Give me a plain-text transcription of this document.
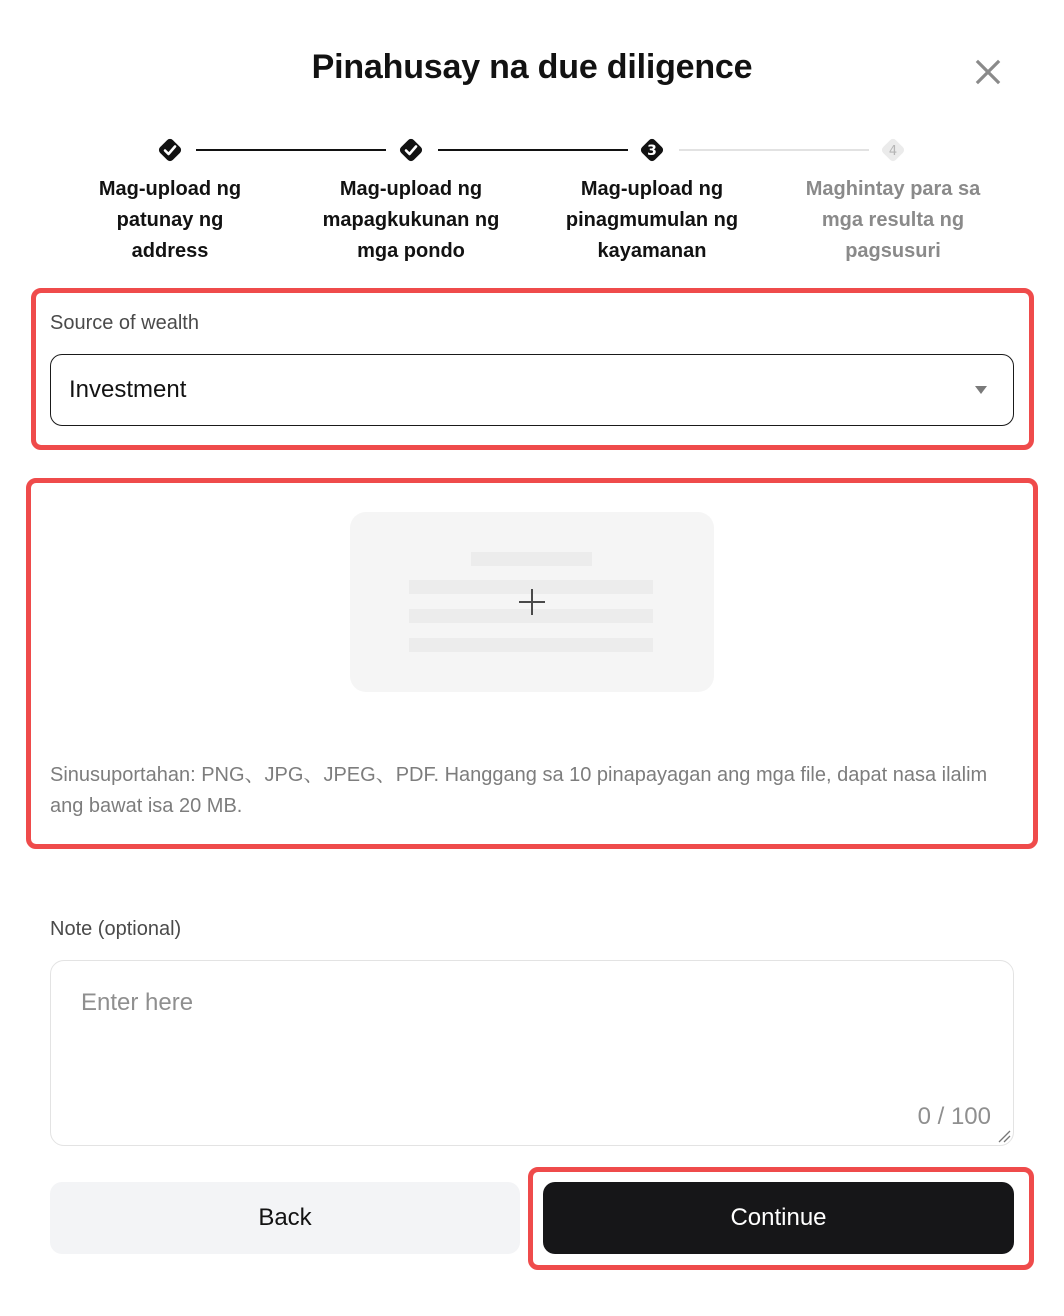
Pinahusay na due diligence
Mag-upload ng
patunay ng
address
Mag-upload ng
mapagkukunan ng
mga pondo
3
Mag-upload ng
pinagmumulan ng
kayamanan
4
Maghintay para sa
mga resulta ng
pagsusuri
Source of wealth
Investment
Sinusuportahan: PNG、JPG、JPEG、PDF. Hanggang sa 10 pinapayagan ang mga file, dapat nasa ilalim ang bawat isa 20 MB.
Note (optional)
Enter here
0 / 100
Back	Continue
